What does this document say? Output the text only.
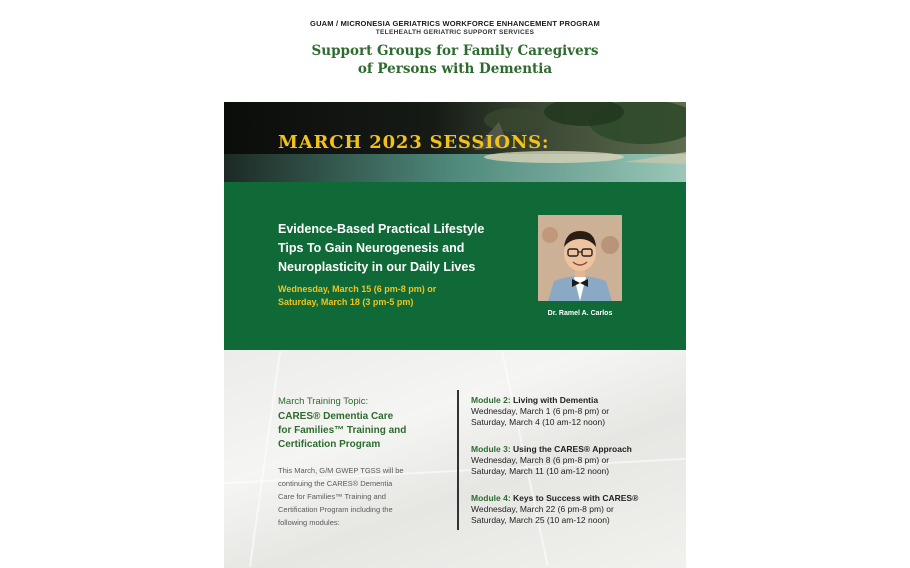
GUAM / MICRONESIA GERIATRICS WORKFORCE ENHANCEMENT PROGRAM
TELEHEALTH GERIATRIC SUPPORT SERVICES
Support Groups for Family Caregivers
of Persons with Dementia
MARCH 2023 SESSIONS:
Evidence-Based Practical Lifestyle
Tips To Gain Neurogenesis and
Neuroplasticity in our Daily Lives
Wednesday, March 15 (6 pm-8 pm) or
Saturday, March 18 (3 pm-5 pm)
Dr. Ramel A. Carlos
March Training Topic:
CARES® Dementia Care
for Families™ Training and
Certification Program
This March, G/M GWEP TGSS will be
continuing the CARES® Dementia
Care for Families™ Training and
Certification Program including the
following modules:
Module 2: Living with Dementia
Wednesday, March 1 (6 pm-8 pm) or
Saturday, March 4 (10 am-12 noon)
Module 3: Using the CARES® Approach
Wednesday, March 8 (6 pm-8 pm) or
Saturday, March 11 (10 am-12 noon)
Module 4: Keys to Success with CARES®
Wednesday, March 22 (6 pm-8 pm) or
Saturday, March 25 (10 am-12 noon)
